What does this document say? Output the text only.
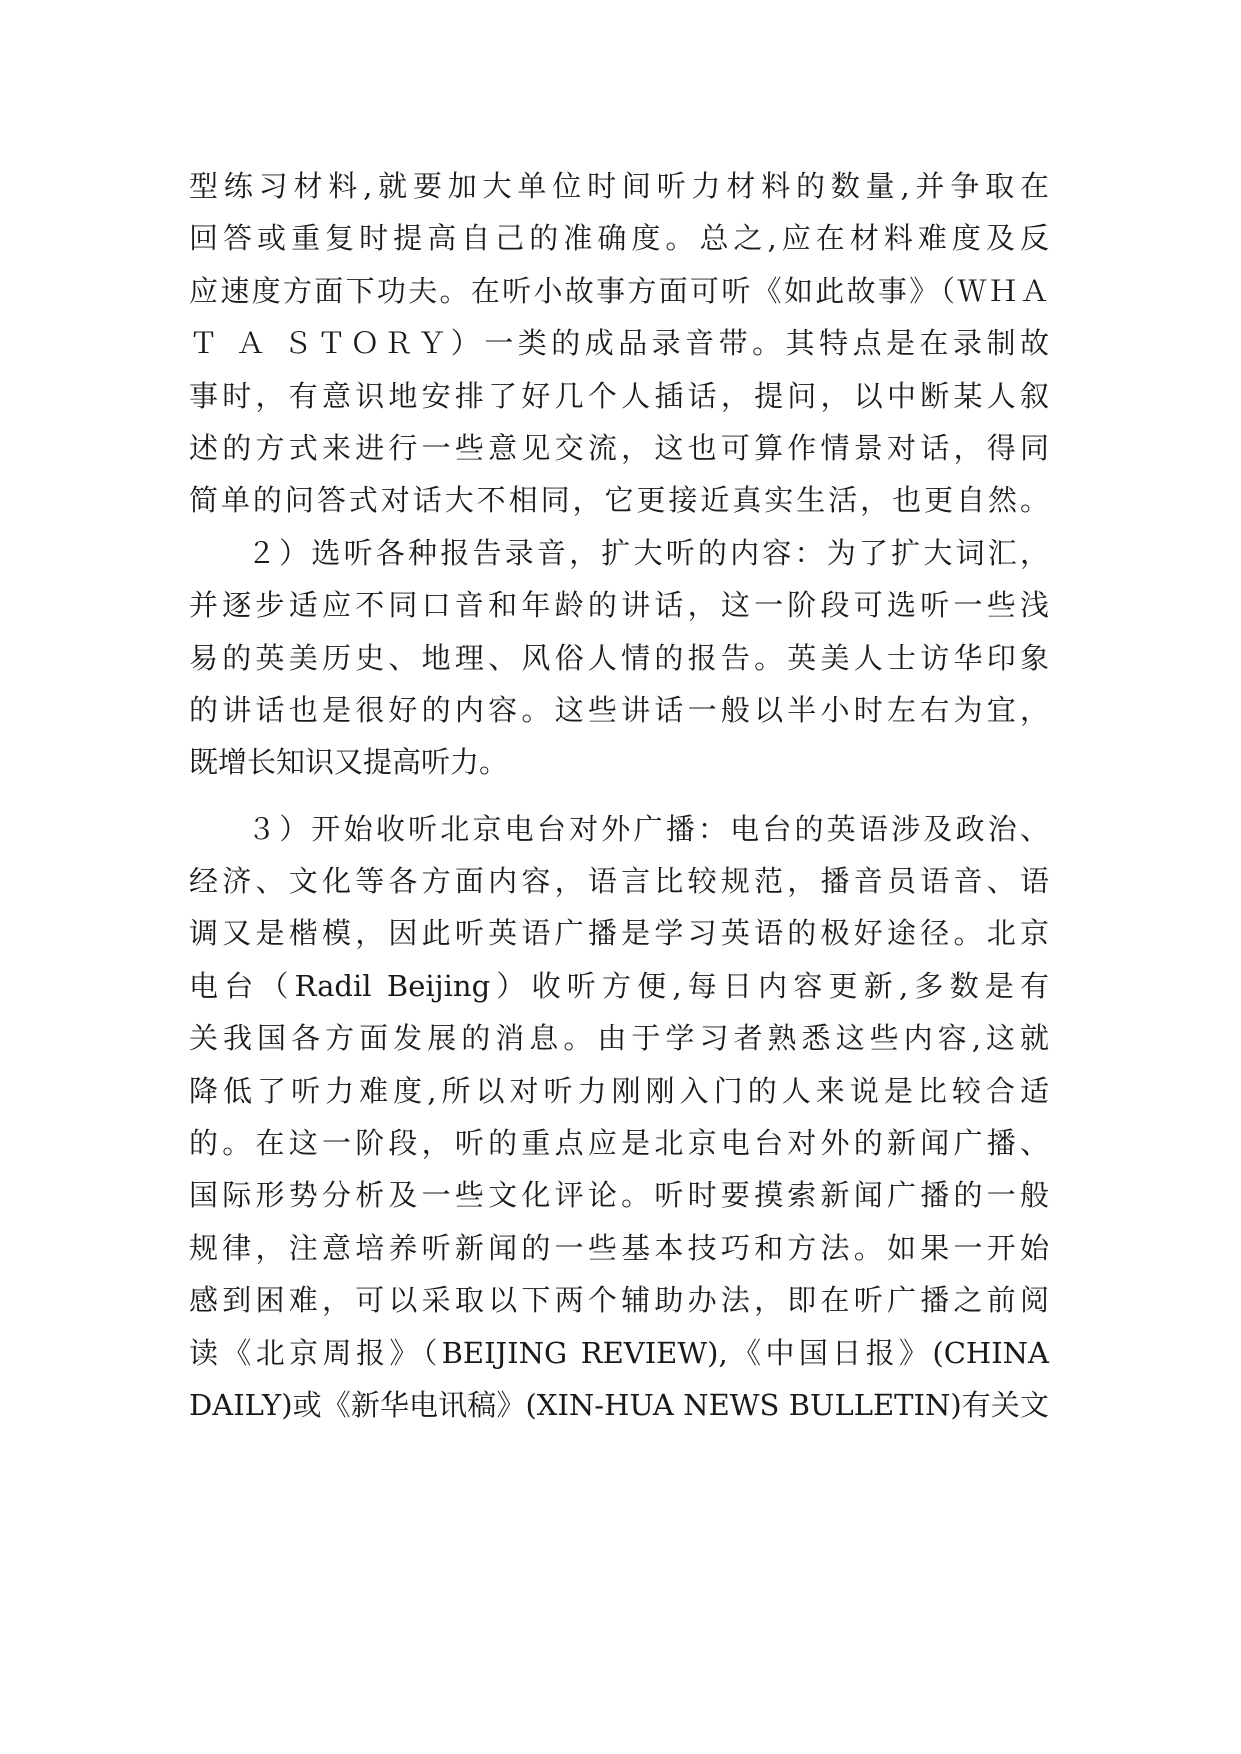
型练习材料,就要加大单位时间听力材料的数量,并争取在
回答或重复时提高自己的准确度。总之,应在材料难度及反
应速度方面下功夫。在听小故事方面可听《如此故事》（ＷＨＡ
Ｔ Ａ ＳＴＯＲＹ）一类的成品录音带。其特点是在录制故
事时，有意识地安排了好几个人插话，提问，以中断某人叙
述的方式来进行一些意见交流，这也可算作情景对话，得同
简单的问答式对话大不相同，它更接近真实生活，也更自然。
２）选听各种报告录音，扩大听的内容：为了扩大词汇，
并逐步适应不同口音和年龄的讲话，这一阶段可选听一些浅
易的英美历史、地理、风俗人情的报告。英美人士访华印象
的讲话也是很好的内容。这些讲话一般以半小时左右为宜，
既增长知识又提高听力。
３）开始收听北京电台对外广播：电台的英语涉及政治、
经济、文化等各方面内容，语言比较规范，播音员语音、语
调又是楷模，因此听英语广播是学习英语的极好途径。北京
电台（Radil Beijing）收听方便,每日内容更新,多数是有
关我国各方面发展的消息。由于学习者熟悉这些内容,这就
降低了听力难度,所以对听力刚刚入门的人来说是比较合适
的。在这一阶段，听的重点应是北京电台对外的新闻广播、
国际形势分析及一些文化评论。听时要摸索新闻广播的一般
规律，注意培养听新闻的一些基本技巧和方法。如果一开始
感到困难，可以采取以下两个辅助办法，即在听广播之前阅
读《北京周报》（BEIJING REVIEW),《中国日报》(CHINA
DAILY)或《新华电讯稿》(XIN-HUA NEWS BULLETIN)有关文
